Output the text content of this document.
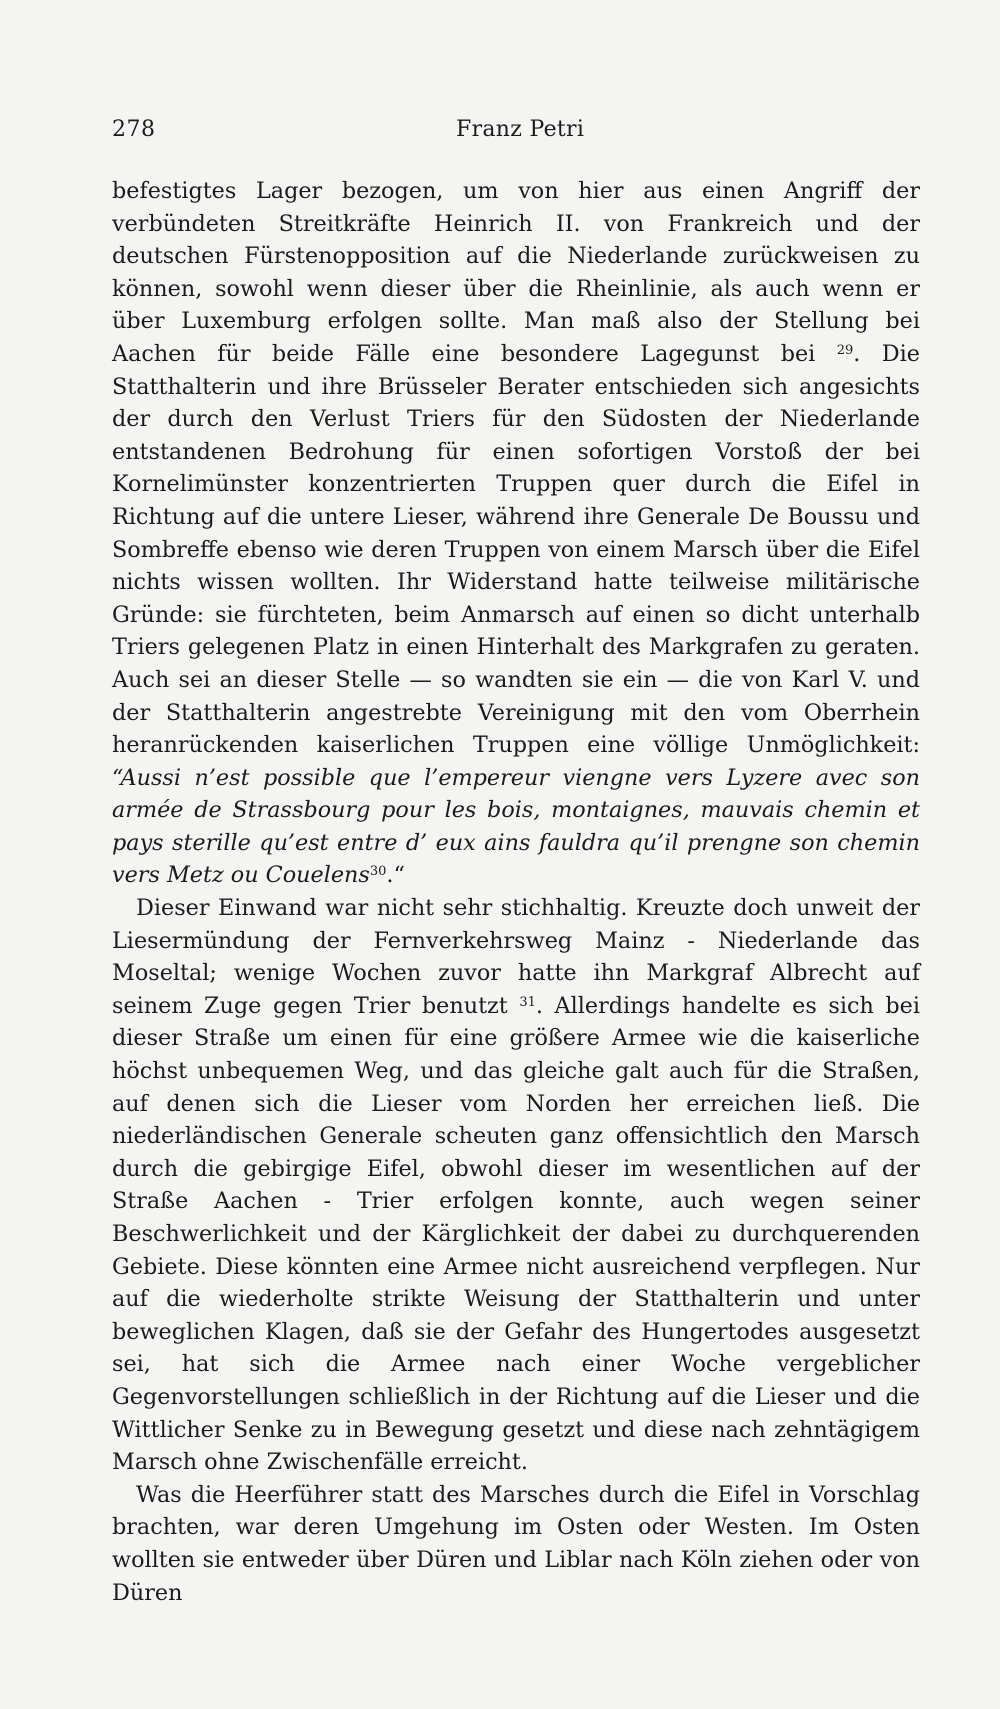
278	Franz Petri

befestigtes Lager bezogen, um von hier aus einen Angriff der verbündeten Streitkräfte Heinrich II. von Frankreich und der deutschen Fürstenopposition auf die Niederlande zurückweisen zu können, sowohl wenn dieser über die Rheinlinie, als auch wenn er über Luxemburg erfolgen sollte. Man maß also der Stellung bei Aachen für beide Fälle eine besondere Lagegunst bei $^{29}$. Die Statthalterin und ihre Brüsseler Berater entschieden sich angesichts der durch den Verlust Triers für den Südosten der Niederlande entstandenen Bedrohung für einen sofortigen Vorstoß der bei Kornelimünster konzentrierten Truppen quer durch die Eifel in Richtung auf die untere Lieser, während ihre Generale De Boussu und Sombreffe ebenso wie deren Truppen von einem Marsch über die Eifel nichts wissen wollten. Ihr Widerstand hatte teilweise militärische Gründe: sie fürchteten, beim Anmarsch auf einen so dicht unterhalb Triers gelegenen Platz in einen Hinterhalt des Markgrafen zu geraten. Auch sei an dieser Stelle — so wandten sie ein — die von Karl V. und der Statthalterin angestrebte Vereinigung mit den vom Oberrhein heranrückenden kaiserlichen Truppen eine völlige Unmöglichkeit: “Aussi n’est possible que l’empereur viengne vers Lyzere avec son armée de Strassbourg pour les bois, montaignes, mauvais chemin et pays sterille qu’est entre d’ eux ains fauldra qu’il prengne son chemin vers Metz ou Couelens$^{30}$.“

Dieser Einwand war nicht sehr stichhaltig. Kreuzte doch unweit der Liesermündung der Fernverkehrsweg Mainz - Niederlande das Moseltal; wenige Wochen zuvor hatte ihn Markgraf Albrecht auf seinem Zuge gegen Trier benutzt $^{31}$. Allerdings handelte es sich bei dieser Straße um einen für eine größere Armee wie die kaiserliche höchst unbequemen Weg, und das gleiche galt auch für die Straßen, auf denen sich die Lieser vom Norden her erreichen ließ. Die niederländischen Generale scheuten ganz offensichtlich den Marsch durch die gebirgige Eifel, obwohl dieser im wesentlichen auf der Straße Aachen - Trier erfolgen konnte, auch wegen seiner Beschwerlichkeit und der Kärglichkeit der dabei zu durchquerenden Gebiete. Diese könnten eine Armee nicht ausreichend verpflegen. Nur auf die wiederholte strikte Weisung der Statthalterin und unter beweglichen Klagen, daß sie der Gefahr des Hungertodes ausgesetzt sei, hat sich die Armee nach einer Woche vergeblicher Gegenvorstellungen schließlich in der Richtung auf die Lieser und die Wittlicher Senke zu in Bewegung gesetzt und diese nach zehntägigem Marsch ohne Zwischenfälle erreicht.

Was die Heerführer statt des Marsches durch die Eifel in Vorschlag brachten, war deren Umgehung im Osten oder Westen. Im Osten wollten sie entweder über Düren und Liblar nach Köln ziehen oder von Düren
